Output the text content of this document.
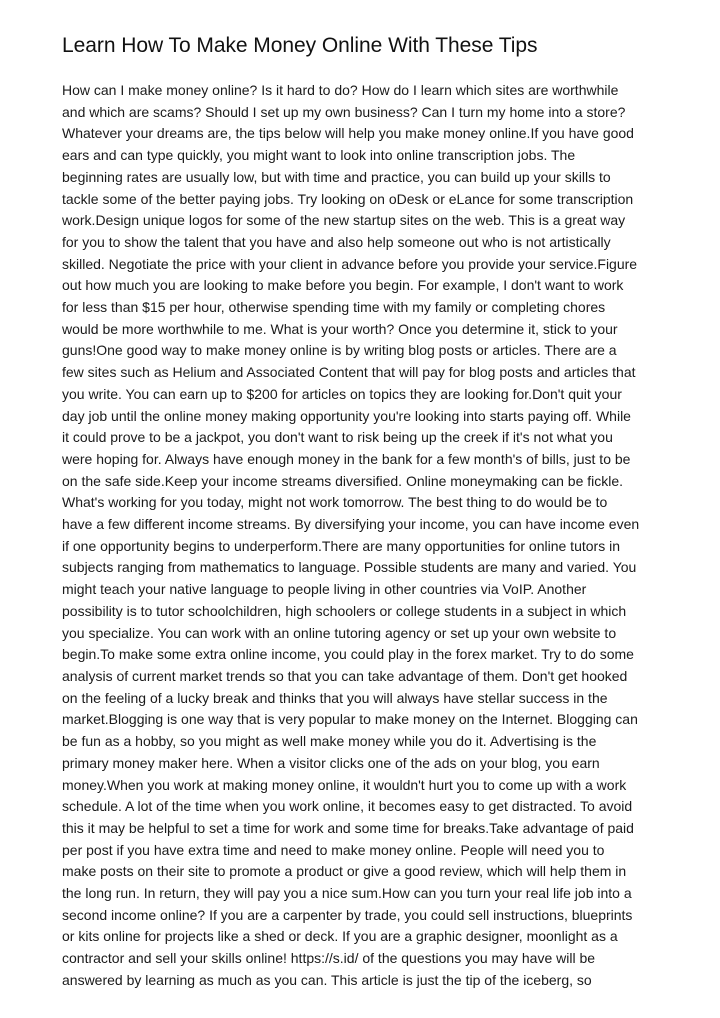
Learn How To Make Money Online With These Tips
How can I make money online? Is it hard to do? How do I learn which sites are worthwhile
and which are scams? Should I set up my own business? Can I turn my home into a store?
Whatever your dreams are, the tips below will help you make money online.If you have good
ears and can type quickly, you might want to look into online transcription jobs. The
beginning rates are usually low, but with time and practice, you can build up your skills to
tackle some of the better paying jobs. Try looking on oDesk or eLance for some transcription
work.Design unique logos for some of the new startup sites on the web. This is a great way
for you to show the talent that you have and also help someone out who is not artistically
skilled. Negotiate the price with your client in advance before you provide your service.Figure
out how much you are looking to make before you begin. For example, I don't want to work
for less than $15 per hour, otherwise spending time with my family or completing chores
would be more worthwhile to me. What is your worth? Once you determine it, stick to your
guns!One good way to make money online is by writing blog posts or articles. There are a
few sites such as Helium and Associated Content that will pay for blog posts and articles that
you write. You can earn up to $200 for articles on topics they are looking for.Don't quit your
day job until the online money making opportunity you're looking into starts paying off. While
it could prove to be a jackpot, you don't want to risk being up the creek if it's not what you
were hoping for. Always have enough money in the bank for a few month's of bills, just to be
on the safe side.Keep your income streams diversified. Online moneymaking can be fickle.
What's working for you today, might not work tomorrow. The best thing to do would be to
have a few different income streams. By diversifying your income, you can have income even
if one opportunity begins to underperform.There are many opportunities for online tutors in
subjects ranging from mathematics to language. Possible students are many and varied. You
might teach your native language to people living in other countries via VoIP. Another
possibility is to tutor schoolchildren, high schoolers or college students in a subject in which
you specialize. You can work with an online tutoring agency or set up your own website to
begin.To make some extra online income, you could play in the forex market. Try to do some
analysis of current market trends so that you can take advantage of them. Don't get hooked
on the feeling of a lucky break and thinks that you will always have stellar success in the
market.Blogging is one way that is very popular to make money on the Internet. Blogging can
be fun as a hobby, so you might as well make money while you do it. Advertising is the
primary money maker here. When a visitor clicks one of the ads on your blog, you earn
money.When you work at making money online, it wouldn't hurt you to come up with a work
schedule. A lot of the time when you work online, it becomes easy to get distracted. To avoid
this it may be helpful to set a time for work and some time for breaks.Take advantage of paid
per post if you have extra time and need to make money online. People will need you to
make posts on their site to promote a product or give a good review, which will help them in
the long run. In return, they will pay you a nice sum.How can you turn your real life job into a
second income online? If you are a carpenter by trade, you could sell instructions, blueprints
or kits online for projects like a shed or deck. If you are a graphic designer, moonlight as a
contractor and sell your skills online! https://s.id/ of the questions you may have will be
answered by learning as much as you can. This article is just the tip of the iceberg, so
